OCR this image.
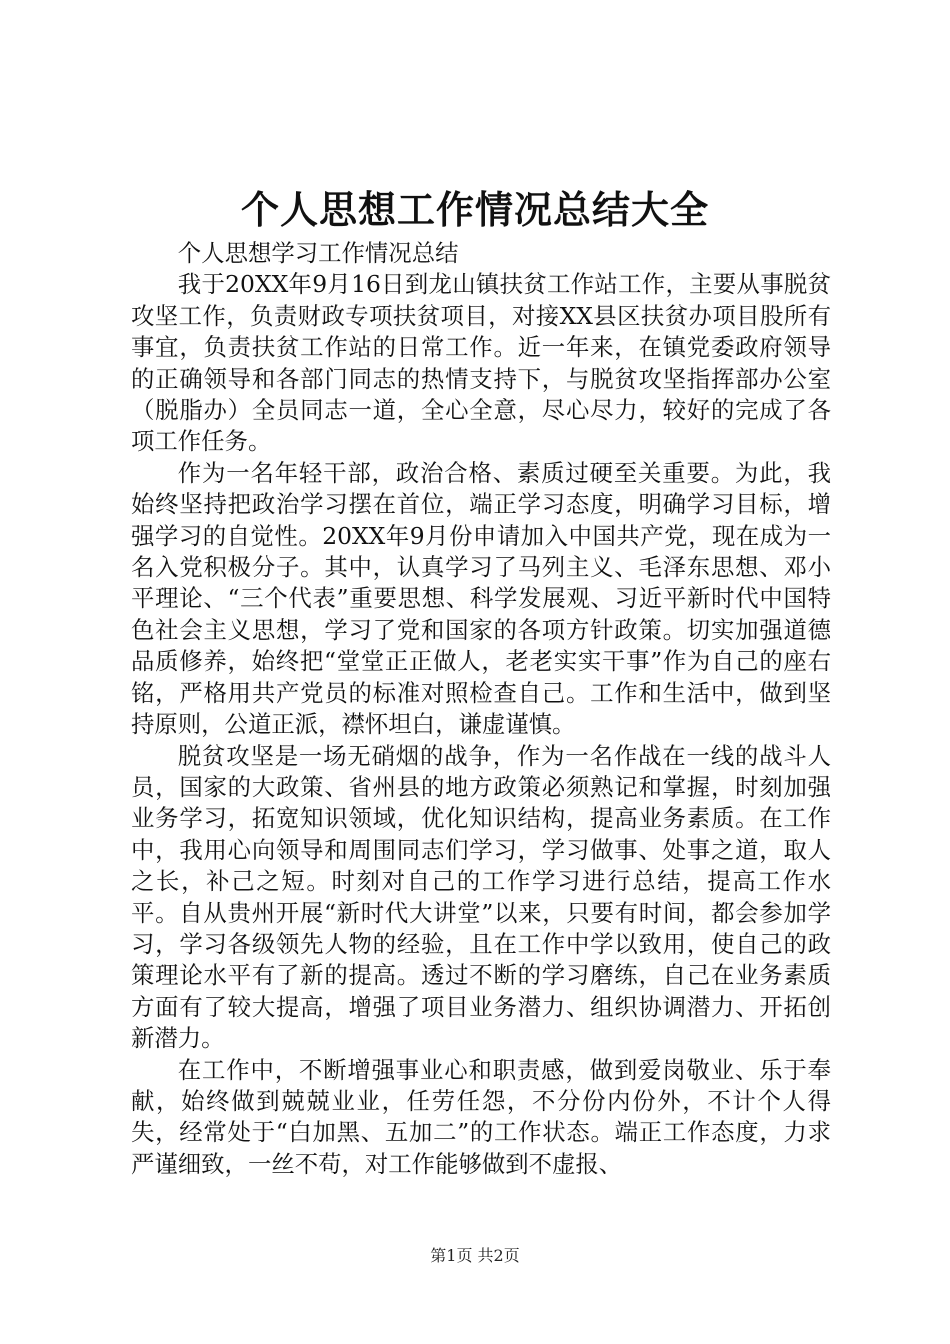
个人思想工作情况总结大全

个人思想学习工作情况总结

我于20XX年9月16日到龙山镇扶贫工作站工作，主要从事脱贫攻坚工作，负责财政专项扶贫项目，对接XX县区扶贫办项目股所有事宜，负责扶贫工作站的日常工作。近一年来，在镇党委政府领导的正确领导和各部门同志的热情支持下，与脱贫攻坚指挥部办公室（脱脂办）全员同志一道，全心全意，尽心尽力，较好的完成了各项工作任务。

作为一名年轻干部，政治合格、素质过硬至关重要。为此，我始终坚持把政治学习摆在首位，端正学习态度，明确学习目标，增强学习的自觉性。20XX年9月份申请加入中国共产党，现在成为一名入党积极分子。其中，认真学习了马列主义、毛泽东思想、邓小平理论、“三个代表”重要思想、科学发展观、习近平新时代中国特色社会主义思想，学习了党和国家的各项方针政策。切实加强道德品质修养，始终把“堂堂正正做人，老老实实干事”作为自己的座右铭，严格用共产党员的标准对照检查自己。工作和生活中，做到坚持原则，公道正派，襟怀坦白，谦虚谨慎。

脱贫攻坚是一场无硝烟的战争，作为一名作战在一线的战斗人员，国家的大政策、省州县的地方政策必须熟记和掌握，时刻加强业务学习，拓宽知识领域，优化知识结构，提高业务素质。在工作中，我用心向领导和周围同志们学习，学习做事、处事之道，取人之长，补己之短。时刻对自己的工作学习进行总结，提高工作水平。自从贵州开展“新时代大讲堂”以来，只要有时间，都会参加学习，学习各级领先人物的经验，且在工作中学以致用，使自己的政策理论水平有了新的提高。透过不断的学习磨练，自己在业务素质方面有了较大提高，增强了项目业务潜力、组织协调潜力、开拓创新潜力。

在工作中，不断增强事业心和职责感，做到爱岗敬业、乐于奉献，始终做到兢兢业业，任劳任怨，不分份内份外，不计个人得失，经常处于“白加黑、五加二”的工作状态。端正工作态度，力求严谨细致，一丝不苟，对工作能够做到不虚报、

第1页 共2页
